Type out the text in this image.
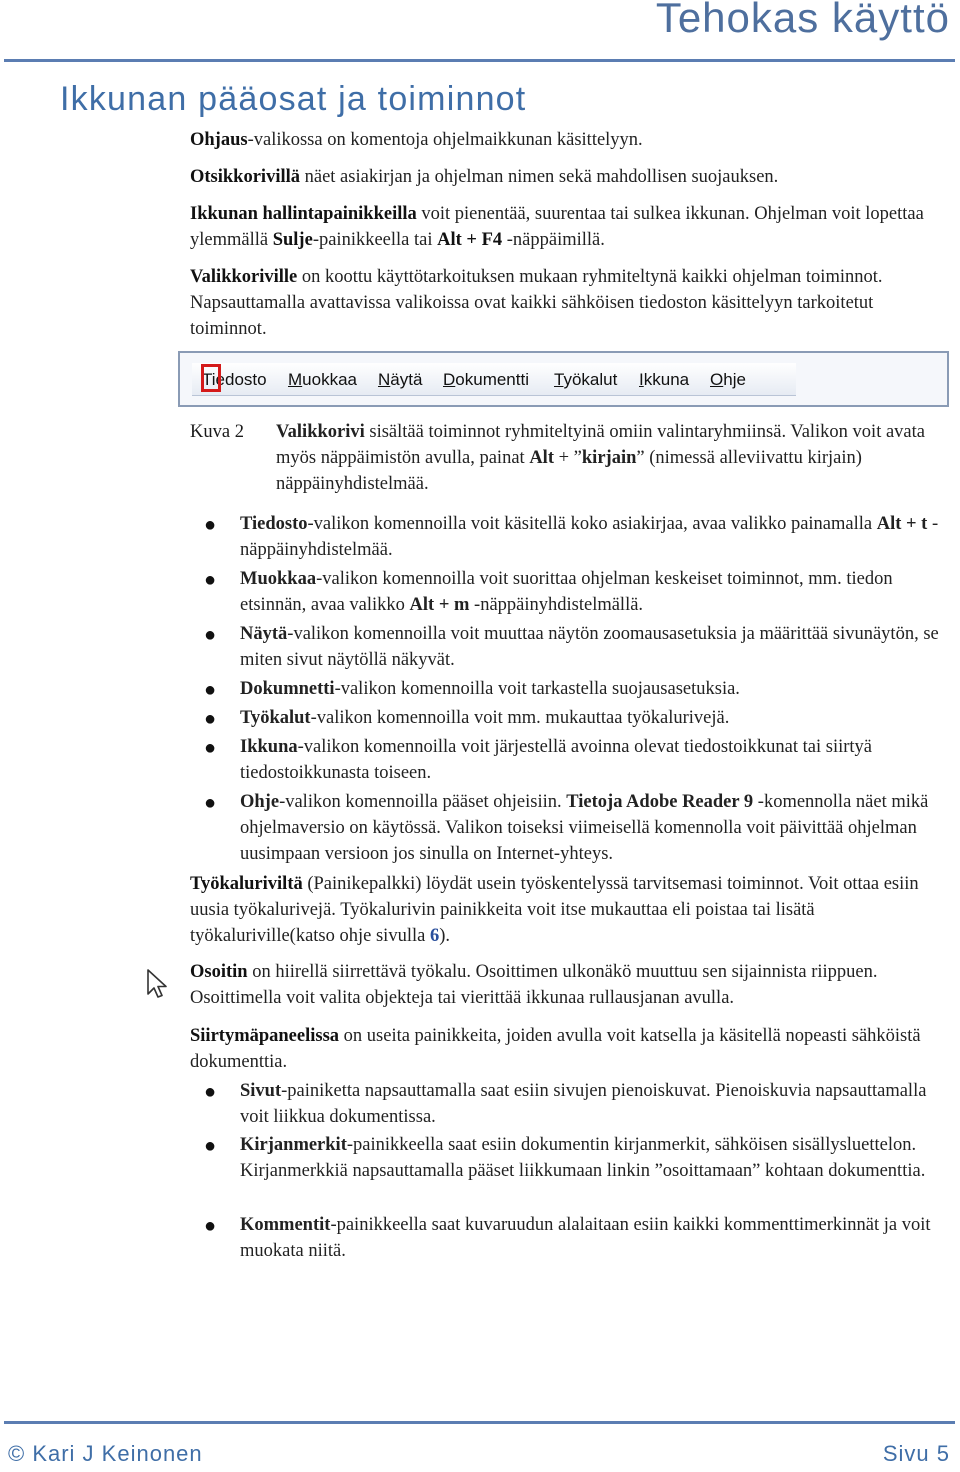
Tehokas käyttö
Ikkunan pääosat ja toiminnot

Ohjaus-valikossa on komentoja ohjelmaikkunan käsittelyyn.

Otsikkorivillä näet asiakirjan ja ohjelman nimen sekä mahdollisen suojauksen.

Ikkunan hallintapainikkeilla voit pienentää, suurentaa tai sulkea ikkunan. Ohjelman voit lopettaa ylemmällä Sulje-painikkeella tai Alt + F4 -näppäimillä.

Valikkoriville on koottu käyttötarkoituksen mukaan ryhmiteltynä kaikki ohjelman toiminnot. Napsauttamalla avattavissa valikoissa ovat kaikki sähköisen tiedoston käsittelyyn tarkoitetut toiminnot.

Tiedosto Muokkaa Näytä Dokumentti Työkalut Ikkuna Ohje
Kuva 2 Valikkorivi sisältää toiminnot ryhmiteltyinä omiin valintaryhmiinsä. Valikon voit avata myös näppäimistön avulla, painat Alt + ”kirjain” (nimessä alleviivattu kirjain) näppäinyhdistelmää.

● Tiedosto-valikon komennoilla voit käsitellä koko asiakirjaa, avaa valikko painamalla Alt + t -näppäinyhdistelmää.

● Muokkaa-valikon komennoilla voit suorittaa ohjelman keskeiset toiminnot, mm. tiedon etsinnän, avaa valikko Alt + m -näppäinyhdistelmällä.

● Näytä-valikon komennoilla voit muuttaa näytön zoomausasetuksia ja määrittää sivunäytön, se miten sivut näytöllä näkyvät.

● Dokumnetti-valikon komennoilla voit tarkastella suojausasetuksia.

● Työkalut-valikon komennoilla voit mm. mukauttaa työkalurivejä.

● Ikkuna-valikon komennoilla voit järjestellä avoinna olevat tiedostoikkunat tai siirtyä tiedostoikkunasta toiseen.

● Ohje-valikon komennoilla pääset ohjeisiin. Tietoja Adobe Reader 9 -komennolla näet mikä ohjelmaversio on käytössä. Valikon toiseksi viimeisellä komennolla voit päivittää ohjelman uusimpaan versioon jos sinulla on Internet-yhteys.

Työkaluriviltä (Painikepalkki) löydät usein työskentelyssä tarvitsemasi toiminnot. Voit ottaa esiin uusia työkalurivejä. Työkalurivin painikkeita voit itse mukauttaa eli poistaa tai lisätä työkaluriville(katso ohje sivulla 6).

Osoitin on hiirellä siirrettävä työkalu. Osoittimen ulkonäkö muuttuu sen sijainnista riippuen. Osoittimella voit valita objekteja tai vierittää ikkunaa rullausjanan avulla.

Siirtymäpaneelissa on useita painikkeita, joiden avulla voit katsella ja käsitellä nopeasti sähköistä dokumenttia.

● Sivut-painiketta napsauttamalla saat esiin sivujen pienoiskuvat. Pienoiskuvia napsauttamalla voit liikkua dokumentissa.

● Kirjanmerkit-painikkeella saat esiin dokumentin kirjanmerkit, sähköisen sisällysluettelon. Kirjanmerkkiä napsauttamalla pääset liikkumaan linkin ”osoittamaan” kohtaan dokumenttia.

● Kommentit-painikkeella saat kuvaruudun alalaitaan esiin kaikki kommenttimerkinnät ja voit muokata niitä.

© Kari J Keinonen	Sivu 5
